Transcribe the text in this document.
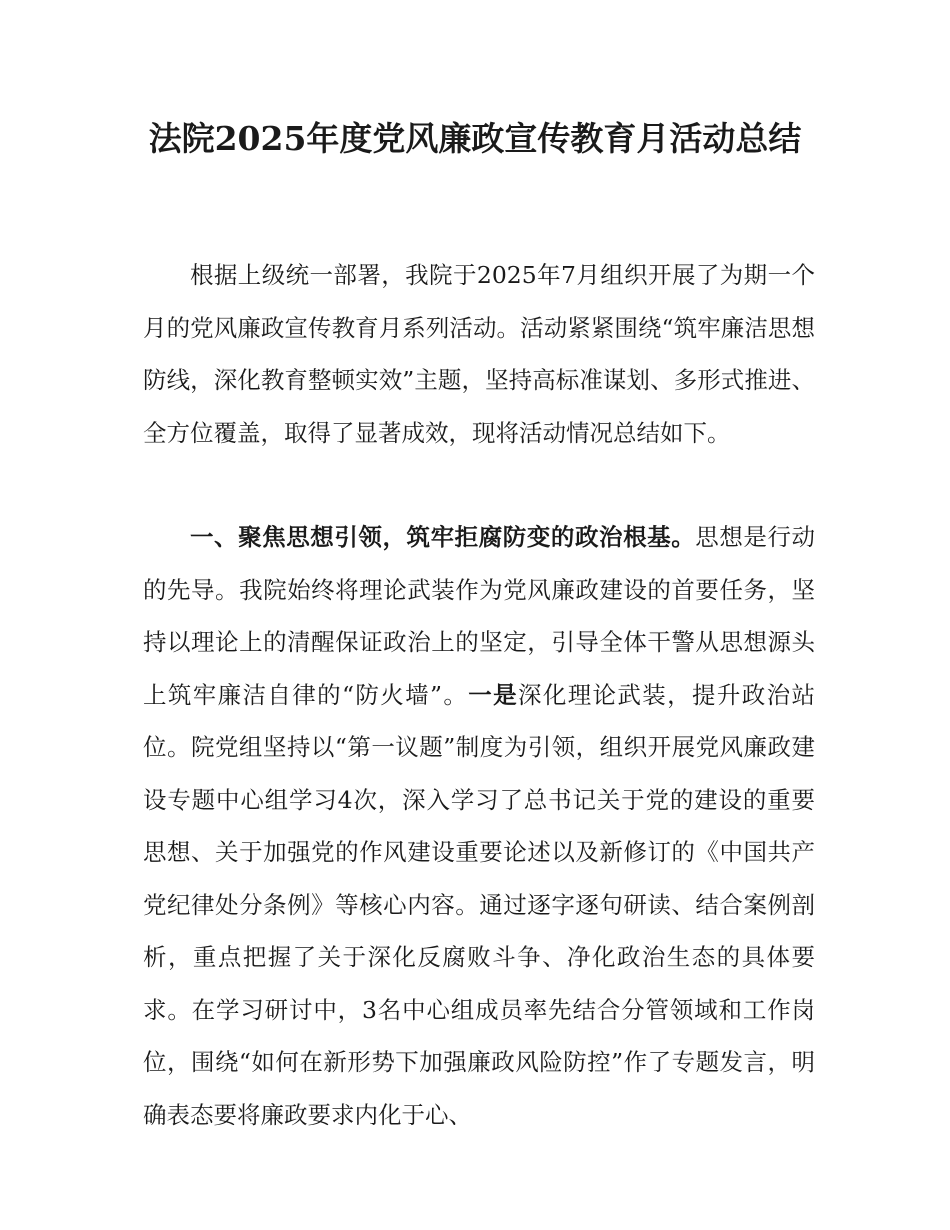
法院2025年度党风廉政宣传教育月活动总结

根据上级统一部署，我院于2025年7月组织开展了为期一个月的党风廉政宣传教育月系列活动。活动紧紧围绕“筑牢廉洁思想防线，深化教育整顿实效”主题，坚持高标准谋划、多形式推进、全方位覆盖，取得了显著成效，现将活动情况总结如下。

一、聚焦思想引领，筑牢拒腐防变的政治根基。思想是行动的先导。我院始终将理论武装作为党风廉政建设的首要任务，坚持以理论上的清醒保证政治上的坚定，引导全体干警从思想源头上筑牢廉洁自律的“防火墙”。一是深化理论武装，提升政治站位。院党组坚持以“第一议题”制度为引领，组织开展党风廉政建设专题中心组学习4次，深入学习了总书记关于党的建设的重要思想、关于加强党的作风建设重要论述以及新修订的《中国共产党纪律处分条例》等核心内容。通过逐字逐句研读、结合案例剖析，重点把握了关于深化反腐败斗争、净化政治生态的具体要求。在学习研讨中，3名中心组成员率先结合分管领域和工作岗位，围绕“如何在新形势下加强廉政风险防控”作了专题发言，明确表态要将廉政要求内化于心、
